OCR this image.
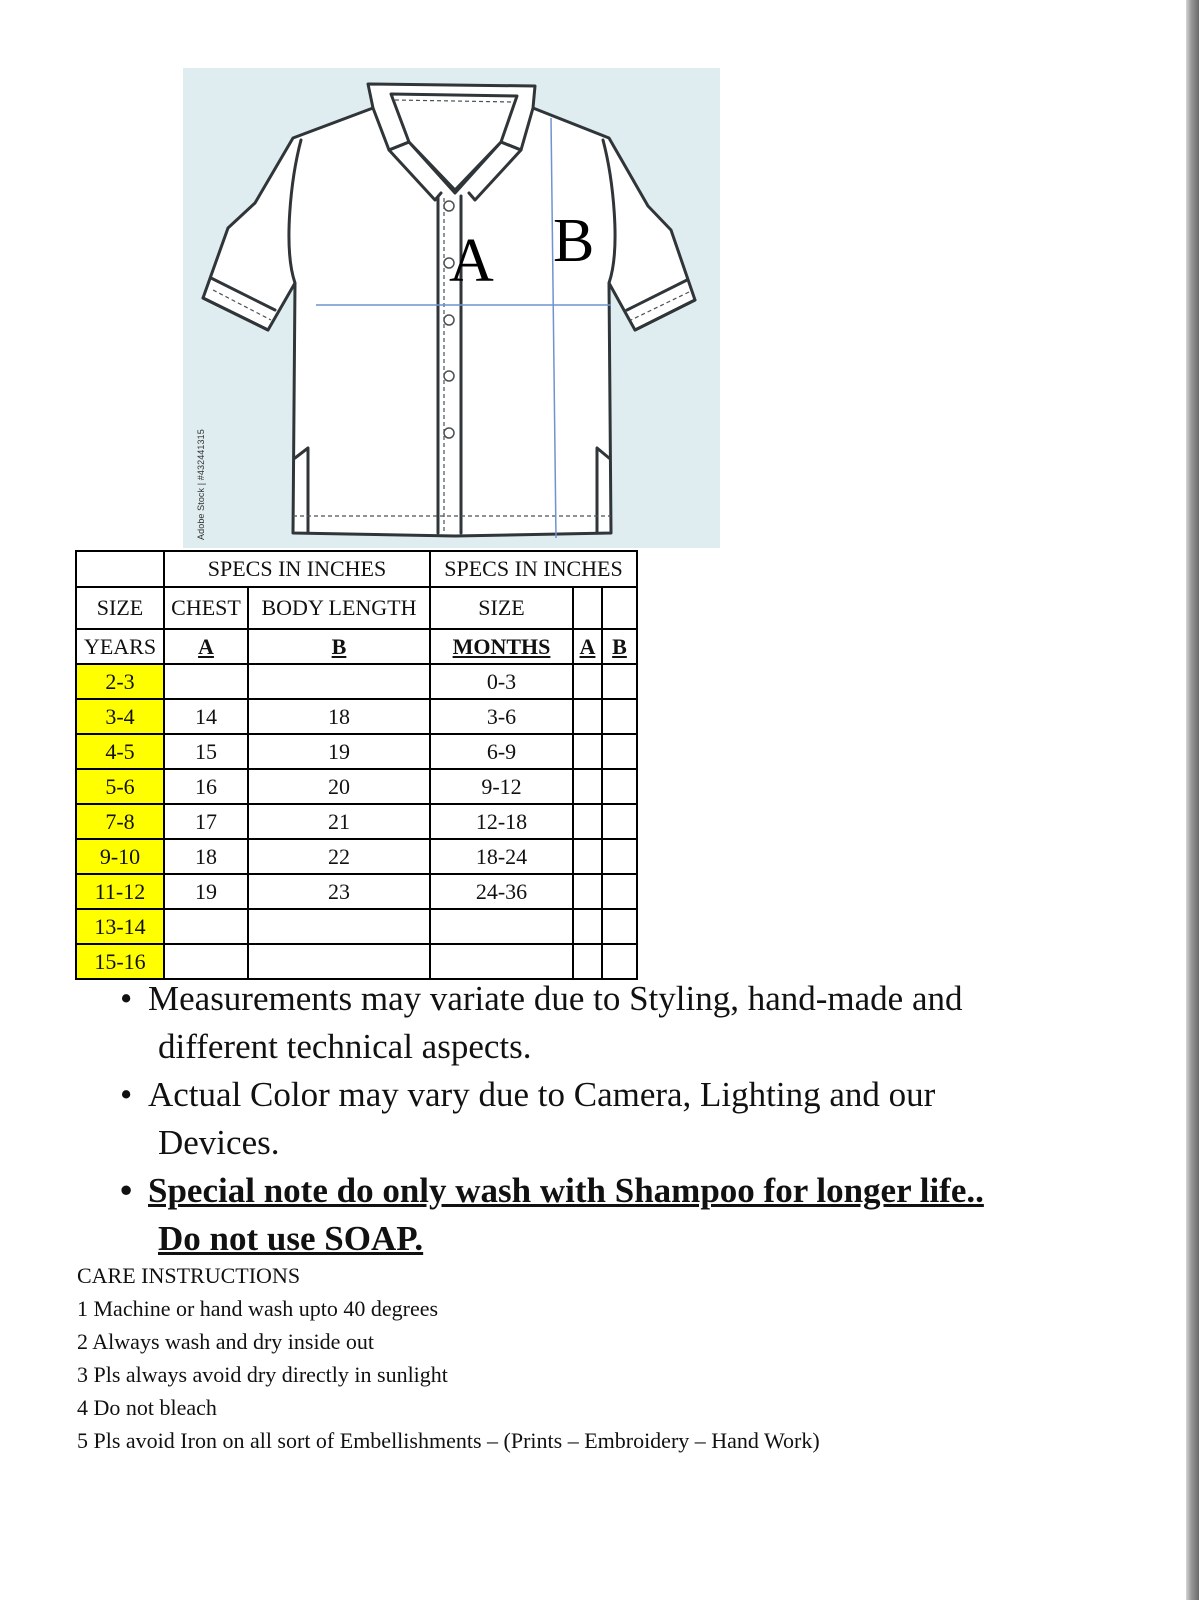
Adobe Stock | #432441315
A B
	SPECS IN INCHES		SPECS IN INCHES		
SIZE	CHEST	BODY LENGTH	SIZE		
YEARS	A	B	MONTHS	A	B
2-3			0-3		
3-4	14	18	3-6		
4-5	15	19	6-9		
5-6	16	20	9-12		
7-8	17	21	12-18		
9-10	18	22	18-24		
11-12	19	23	24-36		
13-14					
15-16					
• Measurements may variate due to Styling, hand-made and
different technical aspects.
• Actual Color may vary due to Camera, Lighting and our
Devices.
• Special note do only wash with Shampoo for longer life..
Do not use SOAP.
CARE INSTRUCTIONS
1 Machine or hand wash upto 40 degrees
2 Always wash and dry inside out
3 Pls always avoid dry directly in sunlight
4 Do not bleach
5 Pls avoid Iron on all sort of Embellishments – (Prints – Embroidery – Hand Work)
